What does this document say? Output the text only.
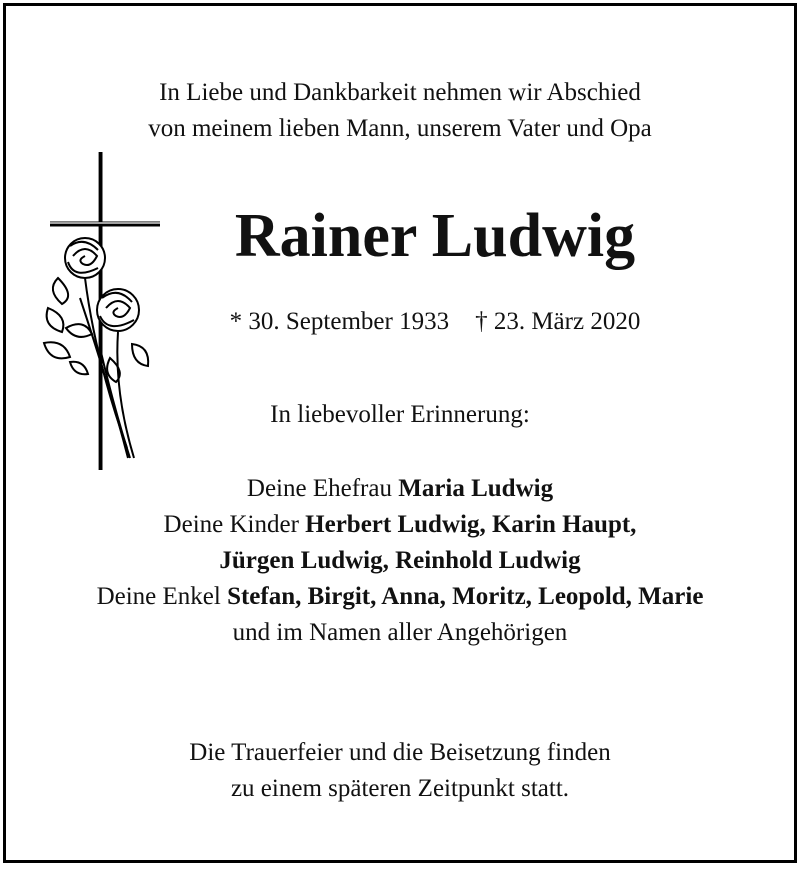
In Liebe und Dankbarkeit nehmen wir Abschied
von meinem lieben Mann, unserem Vater und Opa
Rainer Ludwig
* 30. September 1933 † 23. März 2020
In liebevoller Erinnerung:
Deine Ehefrau Maria Ludwig
Deine Kinder Herbert Ludwig, Karin Haupt,
Jürgen Ludwig, Reinhold Ludwig
Deine Enkel Stefan, Birgit, Anna, Moritz, Leopold, Marie
und im Namen aller Angehörigen
Die Trauerfeier und die Beisetzung finden
zu einem späteren Zeitpunkt statt.
